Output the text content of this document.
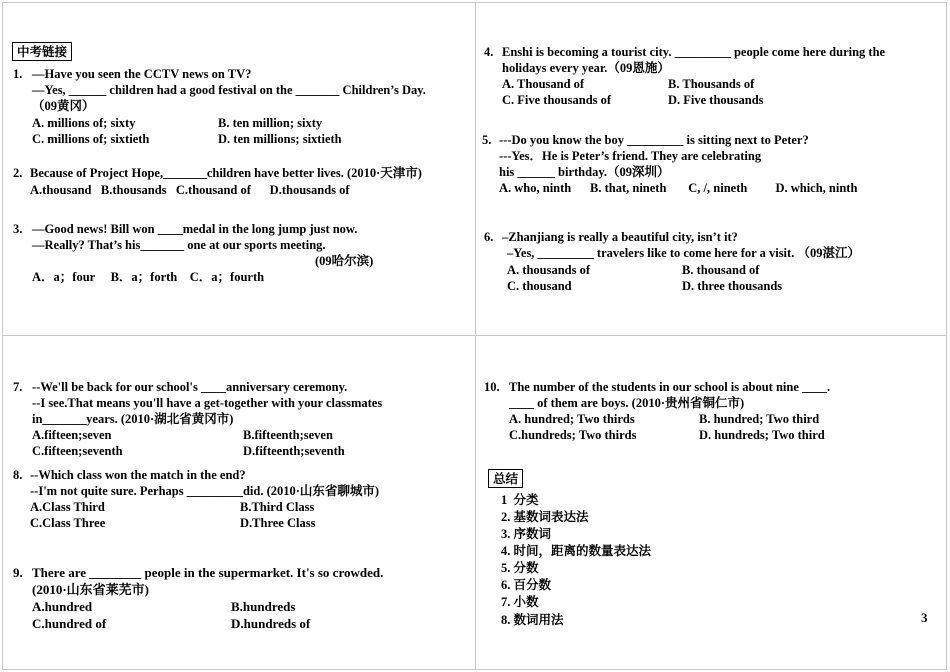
中考链接
1. —Have you seen the CCTV news on TV?
—Yes, ______ children had a good festival on the _______ Children’s Day.
（09黄冈）
A. millions of; sixty	B. ten million; sixty
C. millions of; sixtieth	D. ten millions; sixtieth
2. Because of Project Hope,_______children have better lives. (2010·天津市)
A.thousand   B.thousands   C.thousand of      D.thousands of
3. —Good news! Bill won ____medal in the long jump just now.
—Really? That’s his_______ one at our sports meeting.
(09哈尔滨)
A．a；four     B．a；forth    C．a；fourth
4. Enshi is becoming a tourist city. _________ people come here during the
holidays every year.（09恩施）
A. Thousand of	B. Thousands of
C. Five thousands of	D. Five thousands
5. ---Do you know the boy _________ is sitting next to Peter?
---Yes．He is Peter’s friend. They are celebrating
his ______ birthday.（09深圳）
A. who, ninth      B. that, nineth       C, /, nineth         D. which, ninth
6. –Zhanjiang is really a beautiful city, isn’t it?
–Yes, _________ travelers like to come here for a visit. （09湛江）
A. thousands of	B. thousand of
C. thousand	D. three thousands
7. --We'll be back for our school's ____anniversary ceremony.
--I see.That means you'll have a get-together with your classmates
in_______years. (2010·湖北省黄冈市)
A.fifteen;seven	B.fifteenth;seven
C.fifteen;seventh	D.fifteenth;seventh
8. --Which class won the match in the end?
--I'm not quite sure. Perhaps _________did. (2010·山东省聊城市)
A.Class Third	B.Third Class
C.Class Three	D.Three Class
9. There are ________ people in the supermarket. It's so crowded.
(2010·山东省莱芜市)
A.hundred	B.hundreds
C.hundred of	D.hundreds of
10. The number of the students in our school is about nine ____.
____ of them are boys. (2010·贵州省铜仁市)
A. hundred; Two thirds	B. hundred; Two third
C.hundreds; Two thirds	D. hundreds; Two third
总结
1  分类
2. 基数词表达法
3. 序数词
4. 时间，距离的数量表达法
5. 分数
6. 百分数
7. 小数
8. 数词用法	3
